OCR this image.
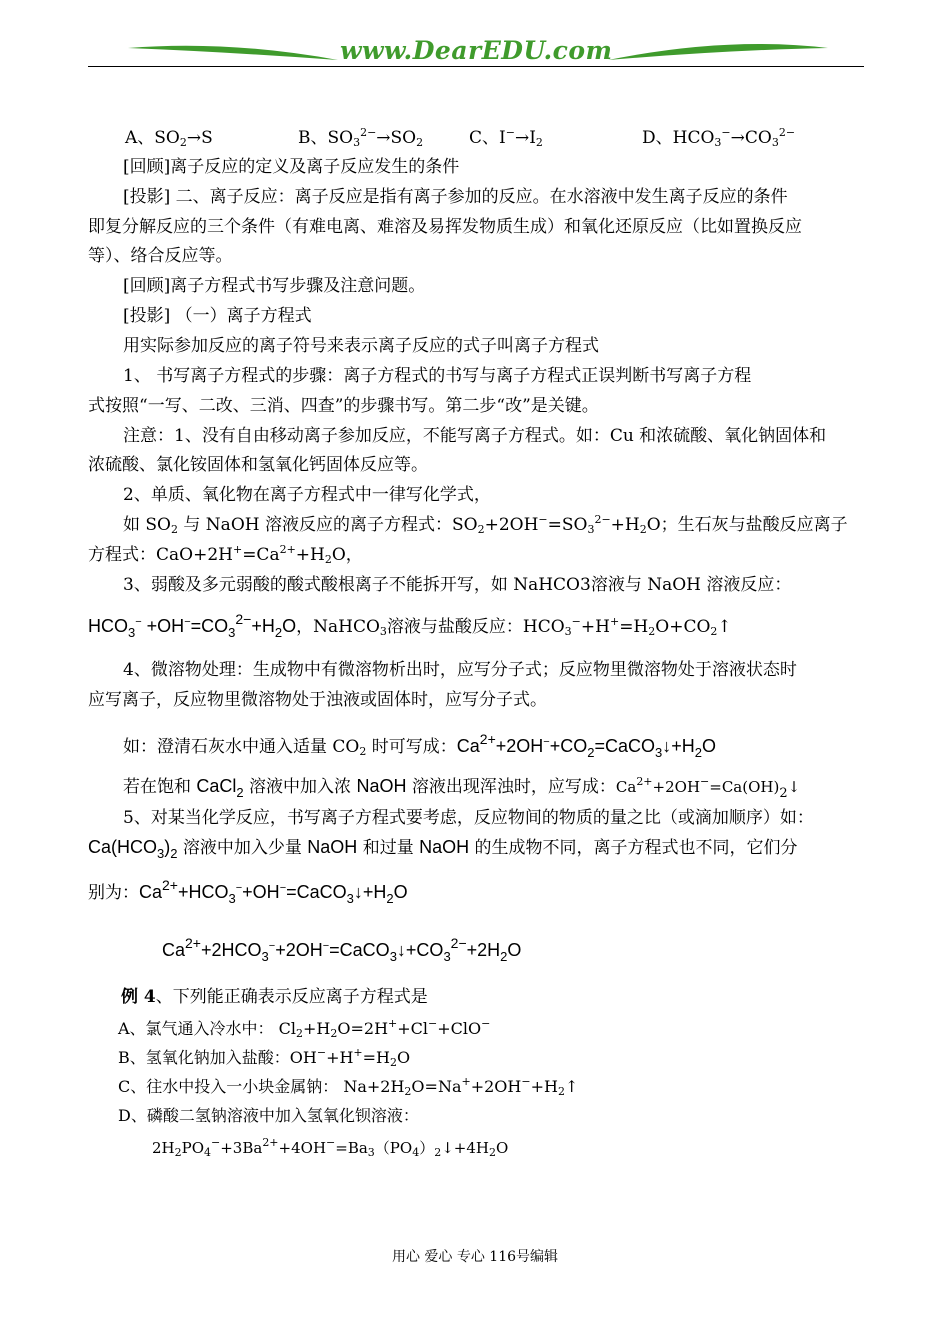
www.DearEDU.com
A、$SO_2\to S$	B、$SO_3^{2-}\to SO_2$	C、$I^-\to I_2$	D、$HCO_3^-\to CO_3^{2-}$
[回顾]离子反应的定义及离子反应发生的条件
[投影] 二、离子反应：离子反应是指有离子参加的反应。在水溶液中发生离子反应的条件
即复分解反应的三个条件（有难电离、难溶及易挥发物质生成）和氧化还原反应（比如置换反应
等）、络合反应等。
[回顾]离子方程式书写步骤及注意问题。
[投影] （一）离子方程式
用实际参加反应的离子符号来表示离子反应的式子叫离子方程式
1、 书写离子方程式的步骤：离子方程式的书写与离子方程式正误判断书写离子方程
式按照“一写、二改、三消、四查”的步骤书写。第二步“改”是关键。
注意：1、没有自由移动离子参加反应，不能写离子方程式。如：Cu 和浓硫酸、氧化钠固体和
浓硫酸、氯化铵固体和氢氧化钙固体反应等。
2、单质、氧化物在离子方程式中一律写化学式，
如 $SO_2$ 与 NaOH 溶液反应的离子方程式：$SO_2+2OH^-=SO_3^{2-}+H_2O$；生石灰与盐酸反应离子
方程式：$CaO+2H^+=Ca^{2+}+H_2O$，
3、弱酸及多元弱酸的酸式酸根离子不能拆开写，如 NaHCO3溶液与 NaOH 溶液反应：
$HCO_3^- +OH^-=CO_3^{2-}+H_2O$，NaHCO$_3$溶液与盐酸反应：$HCO_3^-+H^+=H_2O+CO_2↑$
4、微溶物处理：生成物中有微溶物析出时，应写分子式；反应物里微溶物处于溶液状态时
应写离子，反应物里微溶物处于浊液或固体时，应写分子式。
如：澄清石灰水中通入适量 $CO_2$ 时可写成：$Ca^{2+}+2OH^-+CO_2=CaCO_3↓+H_2O$
若在饱和 CaCl$_2$ 溶液中加入浓 NaOH 溶液出现浑浊时，应写成：$Ca^{2+}+2OH^-=Ca(OH)2↓$
5、对某当化学反应，书写离子方程式要考虑，反应物间的物质的量之比（或滴加顺序）如：
$Ca(HCO_3)_2$ 溶液中加入少量 NaOH 和过量 NaOH 的生成物不同，离子方程式也不同，它们分
别为：$Ca^{2+}+HCO_3^-+OH^-=CaCO_3↓+H_2O$
$Ca^{2+}+2HCO_3^-+2OH^-=CaCO_3↓+CO_3^{2-}+2H_2O$
例 4、下列能正确表示反应离子方程式是
A、氯气通入冷水中： $Cl_2+H_2O=2H^++Cl^-+ClO^-$
B、氢氧化钠加入盐酸：$OH^-+H^+=H_2O$
C、往水中投入一小块金属钠： $Na+2H_2O=Na^++2OH^-+H_2↑$
D、磷酸二氢钠溶液中加入氢氧化钡溶液：
$2H_2PO_4^-+3Ba^{2+}+4OH^-=Ba_3(PO_4)_2↓+4H_2O$
用心 爱心 专心 116号编辑
